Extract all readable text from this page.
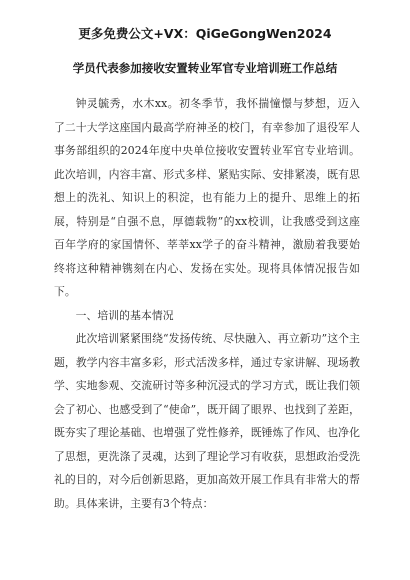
更多免费公文+VX：QiGeGongWen2024
学员代表参加接收安置转业军官专业培训班工作总结

钟灵毓秀，水木xx。初冬季节，我怀揣憧憬与梦想，迈入了二十大学这座国内最高学府神圣的校门，有幸参加了退役军人事务部组织的2024年度中央单位接收安置转业军官专业培训。此次培训，内容丰富、形式多样、紧贴实际、安排紧凑，既有思想上的洗礼、知识上的积淀，也有能力上的提升、思维上的拓展，特别是“自强不息，厚德载物”的xx校训，让我感受到这座百年学府的家国情怀、莘莘xx学子的奋斗精神，激励着我要始终将这种精神镌刻在内心、发扬在实处。现将具体情况报告如下。

一、培训的基本情况

此次培训紧紧围绕“发扬传统、尽快融入、再立新功”这个主题，教学内容丰富多彩，形式活泼多样，通过专家讲解、现场教学、实地参观、交流研讨等多种沉浸式的学习方式，既让我们领会了初心、也感受到了“使命”，既开阔了眼界、也找到了差距，既夯实了理论基础、也增强了党性修养，既锤炼了作风、也净化了思想，更洗涤了灵魂，达到了理论学习有收获，思想政治受洗礼的目的，对今后创新思路，更加高效开展工作具有非常大的帮助。具体来讲，主要有3个特点：
